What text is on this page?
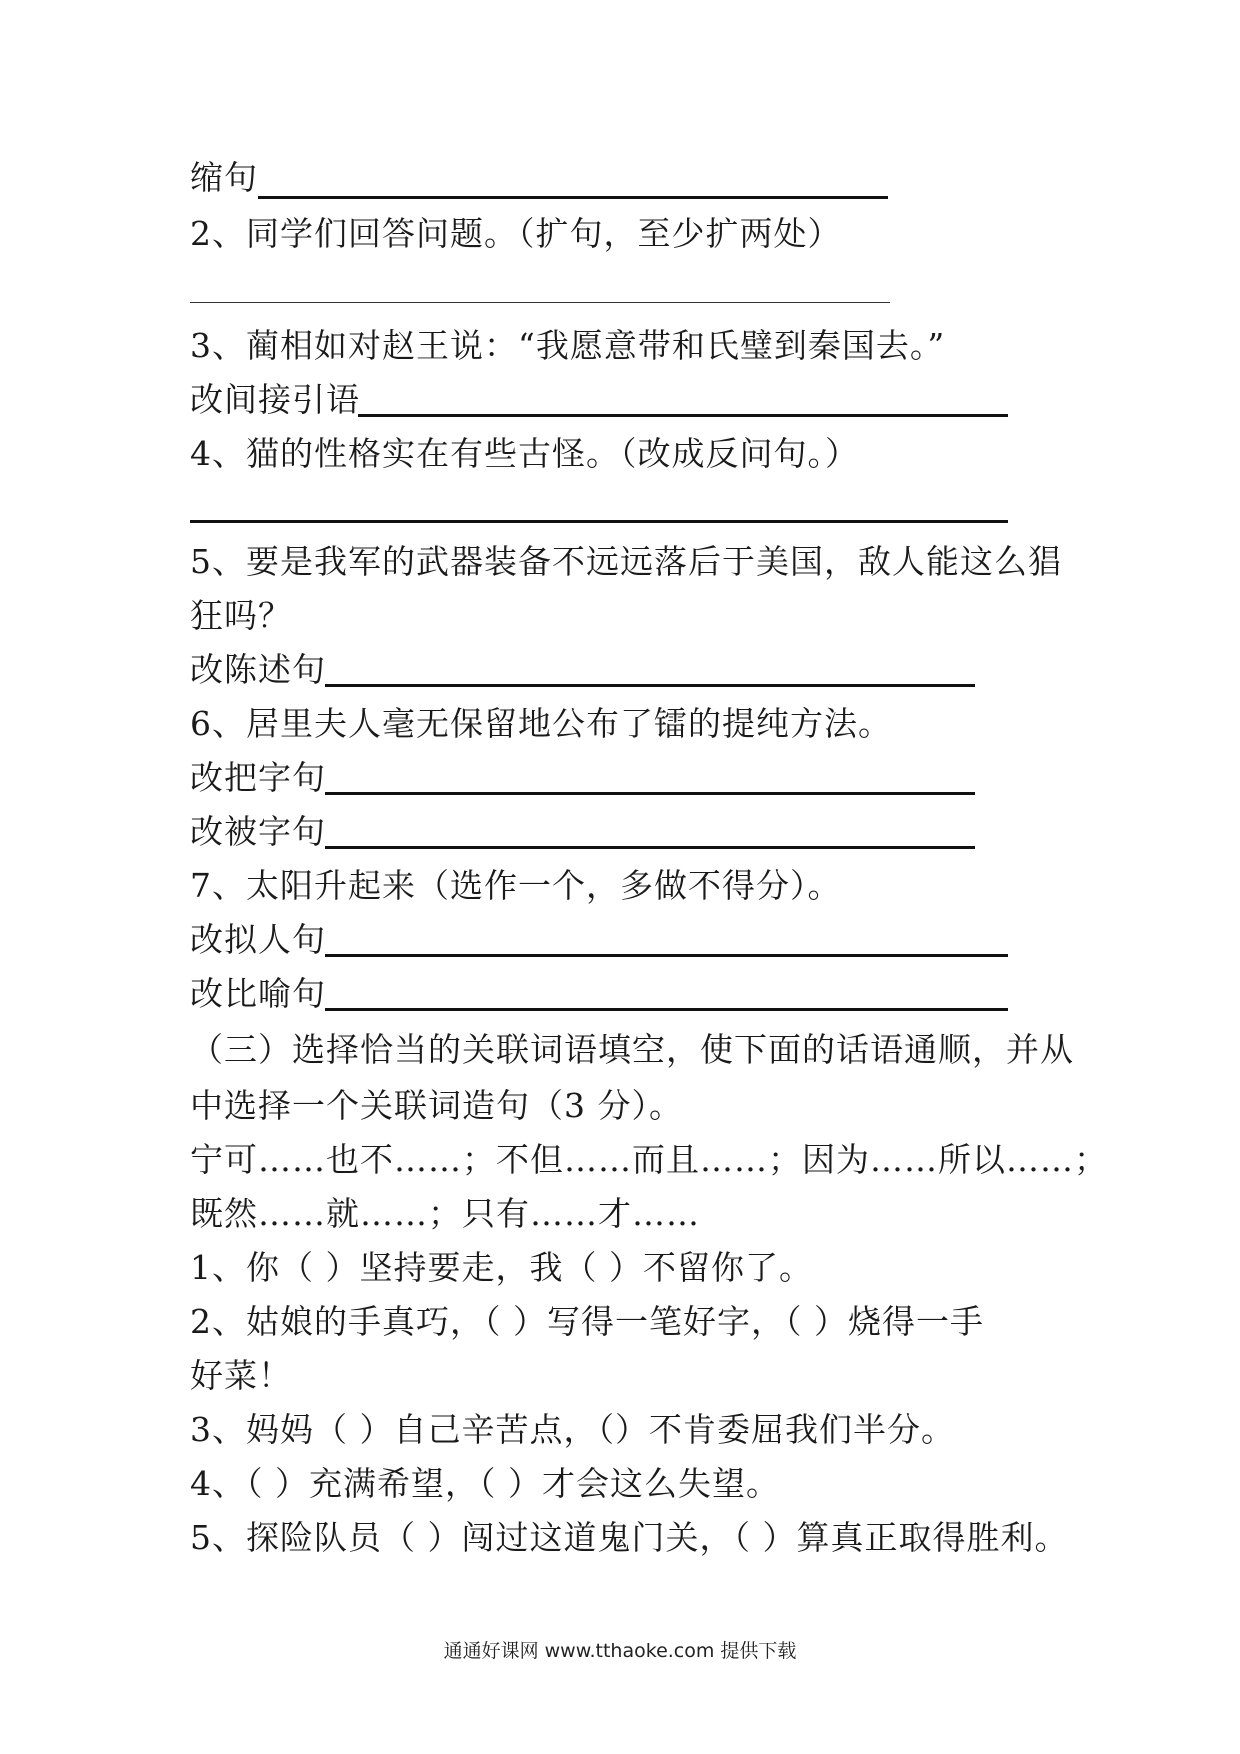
缩句
2、同学们回答问题。（扩句，至少扩两处）
3、蔺相如对赵王说：“我愿意带和氏璧到秦国去。”
改间接引语
4、猫的性格实在有些古怪。（改成反问句。）
5、要是我军的武器装备不远远落后于美国，敌人能这么猖
狂吗？
改陈述句
6、居里夫人毫无保留地公布了镭的提纯方法。
改把字句
改被字句
7、太阳升起来（选作一个，多做不得分）。
改拟人句
改比喻句
（三）选择恰当的关联词语填空，使下面的话语通顺，并从
中选择一个关联词造句（3 分）。
宁可……也不……；不但……而且……；因为……所以……；
既然……就……；只有……才……
1、你（ ）坚持要走，我（ ）不留你了。
2、姑娘的手真巧，（ ）写得一笔好字，（ ）烧得一手
好菜！
3、妈妈（ ）自己辛苦点，（）不肯委屈我们半分。
4、（ ）充满希望，（ ）才会这么失望。
5、探险队员（ ）闯过这道鬼门关，（ ）算真正取得胜利。
通通好课网 www.tthaoke.com 提供下载
